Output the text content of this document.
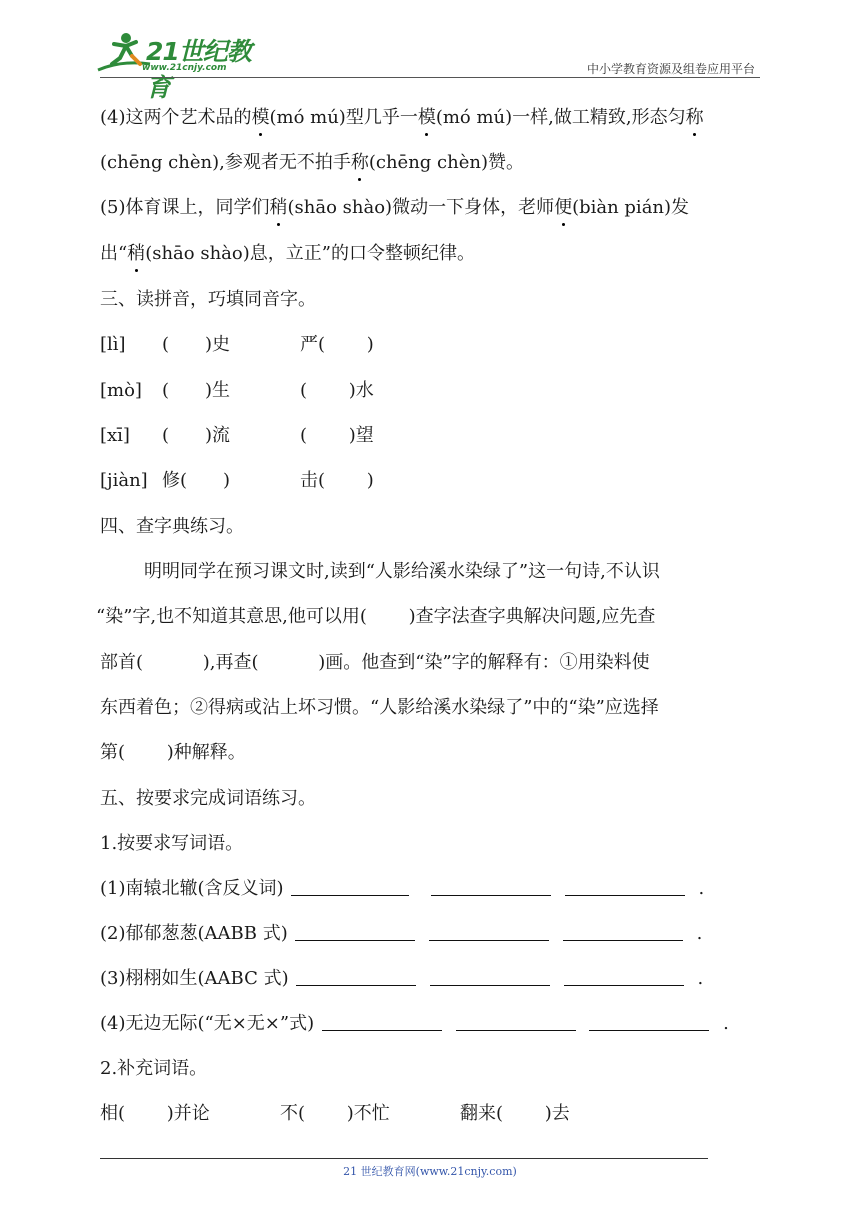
21世纪教育
www.21cnjy.com	中小学教育资源及组卷应用平台
(4)这两个艺术品的模(mó mú)型几乎一模(mó mú)一样,做工精致,形态匀称
(chēng chèn),参观者无不拍手称(chēng chèn)赞。
(5)体育课上，同学们稍(shāo shào)微动一下身体，老师便(biàn pián)发
出“稍(shāo shào)息，立正”的口令整顿纪律。
三、读拼音，巧填同音字。
[lì] (　　)史	严(　　 )
[mò] (　　)生	(　　 )水
[xī] (　　)流	(　　 )望
[jiàn] 修(　　)	击(　　 )
四、查字典练习。
明明同学在预习课文时,读到“人影给溪水染绿了”这一句诗,不认识
“染”字,也不知道其意思,他可以用(　　 )查字法查字典解决问题,应先查
部首(　　　 ),再查(　　　 )画。他查到“染”字的解释有：①用染料使
东西着色；②得病或沾上坏习惯。“人影给溪水染绿了”中的“染”应选择
第(　　 )种解释。
五、按要求完成词语练习。
1.按要求写词语。
(1)南辕北辙(含反义词)	.
(2)郁郁葱葱(AABB 式)	.
(3)栩栩如生(AABC 式)	.
(4)无边无际(“无×无×”式)	.
2.补充词语。
相(　　 )并论	不(　　 )不忙	翻来(　　 )去
21 世纪教育网(www.21cnjy.com)
